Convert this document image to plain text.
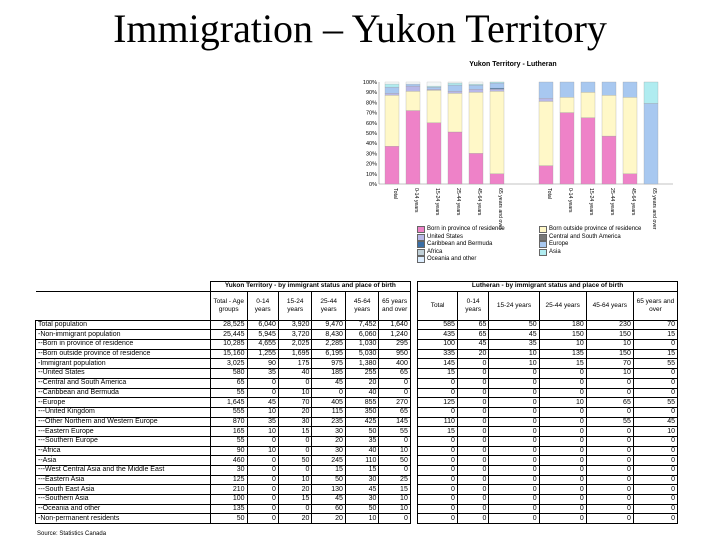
Immigration – Yukon Territory
Yukon Territory - Lutheran
0%
10%
20%
30%
40%
50%
60%
70%
80%
90%
100%
Total	0-14 years	15-24 years	25-44 years	45-64 years	65 years and over	Total	0-14 years	15-24 years	25-44 years	45-64 years	65 years and over
Born in province of residence	Born outside province of residence
United States	Central and South America
Caribbean and Bermuda	Europe
Africa	Asia
Oceania and other
	Yukon Territory - by immigrant status and place of birth							Lutheran - by immigrant status and place of birth					
	Total - Age groups	0-14 years	15-24 years	25-44 years	45-64 years	65 years and over		Total	0-14 years	15-24 years	25-44 years	45-64 years	65 years and over
Total population	28,525	6,040	3,920	9,470	7,452	1,640		585	65	50	180	230	70
-Non-immigrant population	25,445	5,945	3,720	8,430	6,060	1,240		435	65	45	150	150	15
--Born in province of residence	10,285	4,655	2,025	2,285	1,030	295		100	45	35	10	10	0
--Born outside province of residence	15,160	1,255	1,695	6,195	5,030	950		335	20	10	135	150	15
-Immigrant population	3,025	90	175	975	1,380	400		145	0	10	15	70	55
--United States	580	35	40	185	255	65		15	0	0	0	10	0
--Central and South America	65	0	0	45	20	0		0	0	0	0	0	0
--Caribbean and Bermuda	55	0	10	0	40	0		0	0	0	0	0	0
--Europe	1,645	45	70	405	855	270		125	0	0	10	65	55
---United Kingdom	555	10	20	115	350	65		0	0	0	0	0	0
---Other Northern and Western Europe	870	35	30	235	425	145		110	0	0	0	55	45
---Eastern Europe	165	10	15	30	50	55		15	0	0	0	0	10
---Southern Europe	55	0	0	20	35	0		0	0	0	0	0	0
--Africa	90	10	0	30	40	10		0	0	0	0	0	0
--Asia	460	0	50	245	110	50		0	0	0	0	0	0
---West Central Asia and the Middle East	30	0	0	15	15	0		0	0	0	0	0	0
---Eastern Asia	125	0	10	50	30	25		0	0	0	0	0	0
---South East Asia	210	0	20	130	45	15		0	0	0	0	0	0
---Southern Asia	100	0	15	45	30	10		0	0	0	0	0	0
--Oceania and other	135	0	0	60	50	10		0	0	0	0	0	0
-Non-permanent residents	50	0	20	20	10	0		0	0	0	0	0	0
Source: Statistics Canada
